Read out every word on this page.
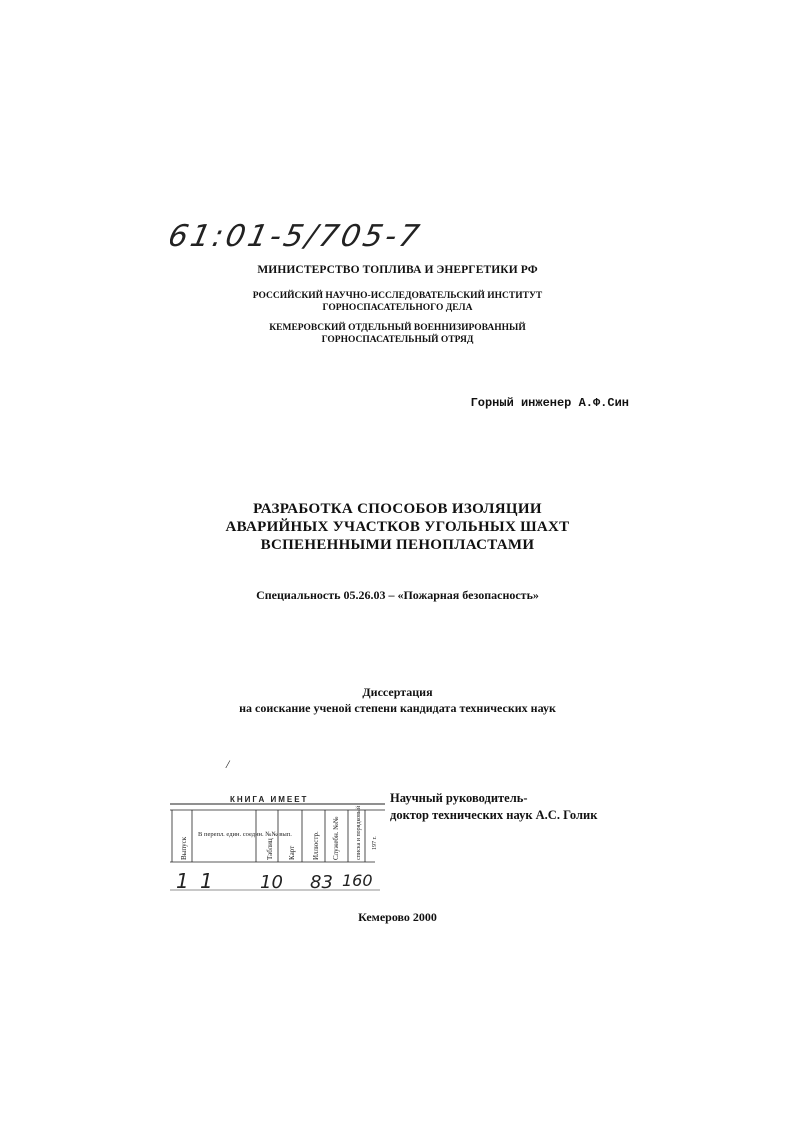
61:01-5/705-7
МИНИСТЕРСТВО ТОПЛИВА И ЭНЕРГЕТИКИ РФ
РОССИЙСКИЙ НАУЧНО-ИССЛЕДОВАТЕЛЬСКИЙ ИНСТИТУТ
ГОРНОСПАСАТЕЛЬНОГО ДЕЛА
КЕМЕРОВСКИЙ ОТДЕЛЬНЫЙ ВОЕННИЗИРОВАННЫЙ
ГОРНОСПАСАТЕЛЬНЫЙ ОТРЯД
Горный инженер А.Ф.Син
РАЗРАБОТКА СПОСОБОВ ИЗОЛЯЦИИ
АВАРИЙНЫХ УЧАСТКОВ УГОЛЬНЫХ ШАХТ
ВСПЕНЕННЫМИ ПЕНОПЛАСТАМИ
Специальность 05.26.03 – «Пожарная безопасность»
Диссертация
на соискание ученой степени кандидата технических наук
/
КНИГА ИМЕЕТ
Выпуск
В перепл. един. соедин. №№ вып.
Таблиц Карт Иллюстр. Служебн. №№	списка и порядковый 197 г.
1 1	10 83 160
Научный руководитель-
доктор технических наук А.С. Голик
Кемерово 2000
